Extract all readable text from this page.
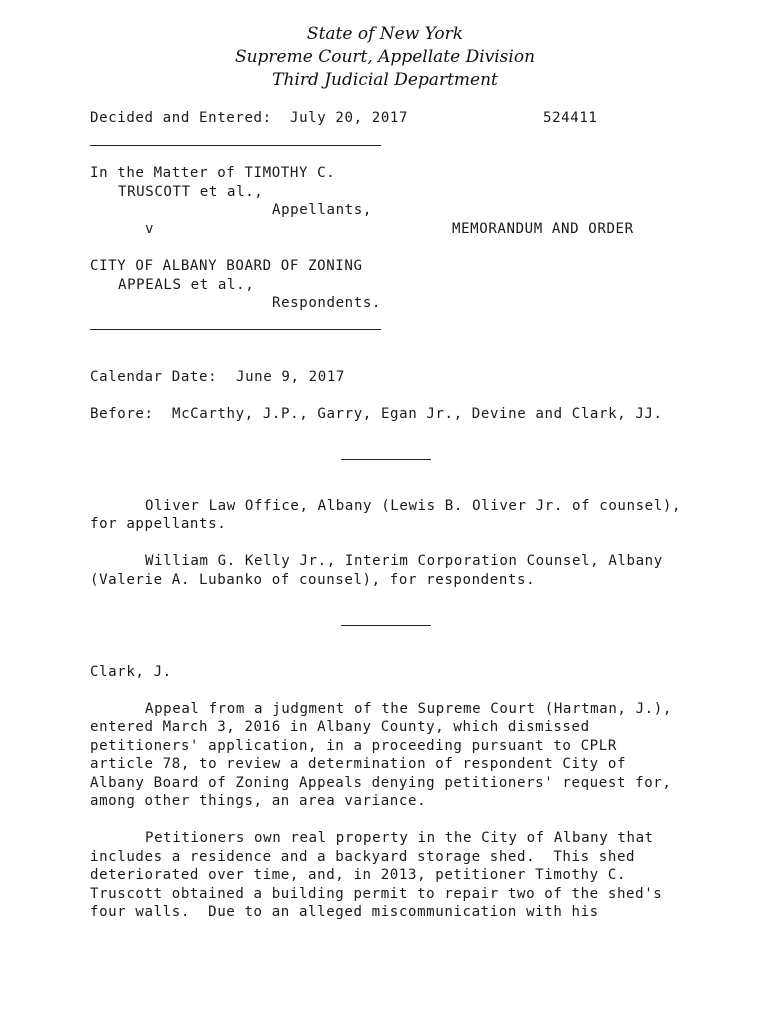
State of New York
Supreme Court, Appellate Division
Third Judicial Department
Decided and Entered: July 20, 2017	524411
In the Matter of TIMOTHY C.
TRUSCOTT et al.,
Appellants,
v	MEMORANDUM AND ORDER
CITY OF ALBANY BOARD OF ZONING
APPEALS et al.,
Respondents.
Calendar Date: June 9, 2017
Before: McCarthy, J.P., Garry, Egan Jr., Devine and Clark, JJ.
Oliver Law Office, Albany (Lewis B. Oliver Jr. of counsel),
for appellants.
William G. Kelly Jr., Interim Corporation Counsel, Albany
(Valerie A. Lubanko of counsel), for respondents.
Clark, J.
Appeal from a judgment of the Supreme Court (Hartman, J.),
entered March 3, 2016 in Albany County, which dismissed
petitioners' application, in a proceeding pursuant to CPLR
article 78, to review a determination of respondent City of
Albany Board of Zoning Appeals denying petitioners' request for,
among other things, an area variance.
Petitioners own real property in the City of Albany that
includes a residence and a backyard storage shed.  This shed
deteriorated over time, and, in 2013, petitioner Timothy C.
Truscott obtained a building permit to repair two of the shed's
four walls.  Due to an alleged miscommunication with his
